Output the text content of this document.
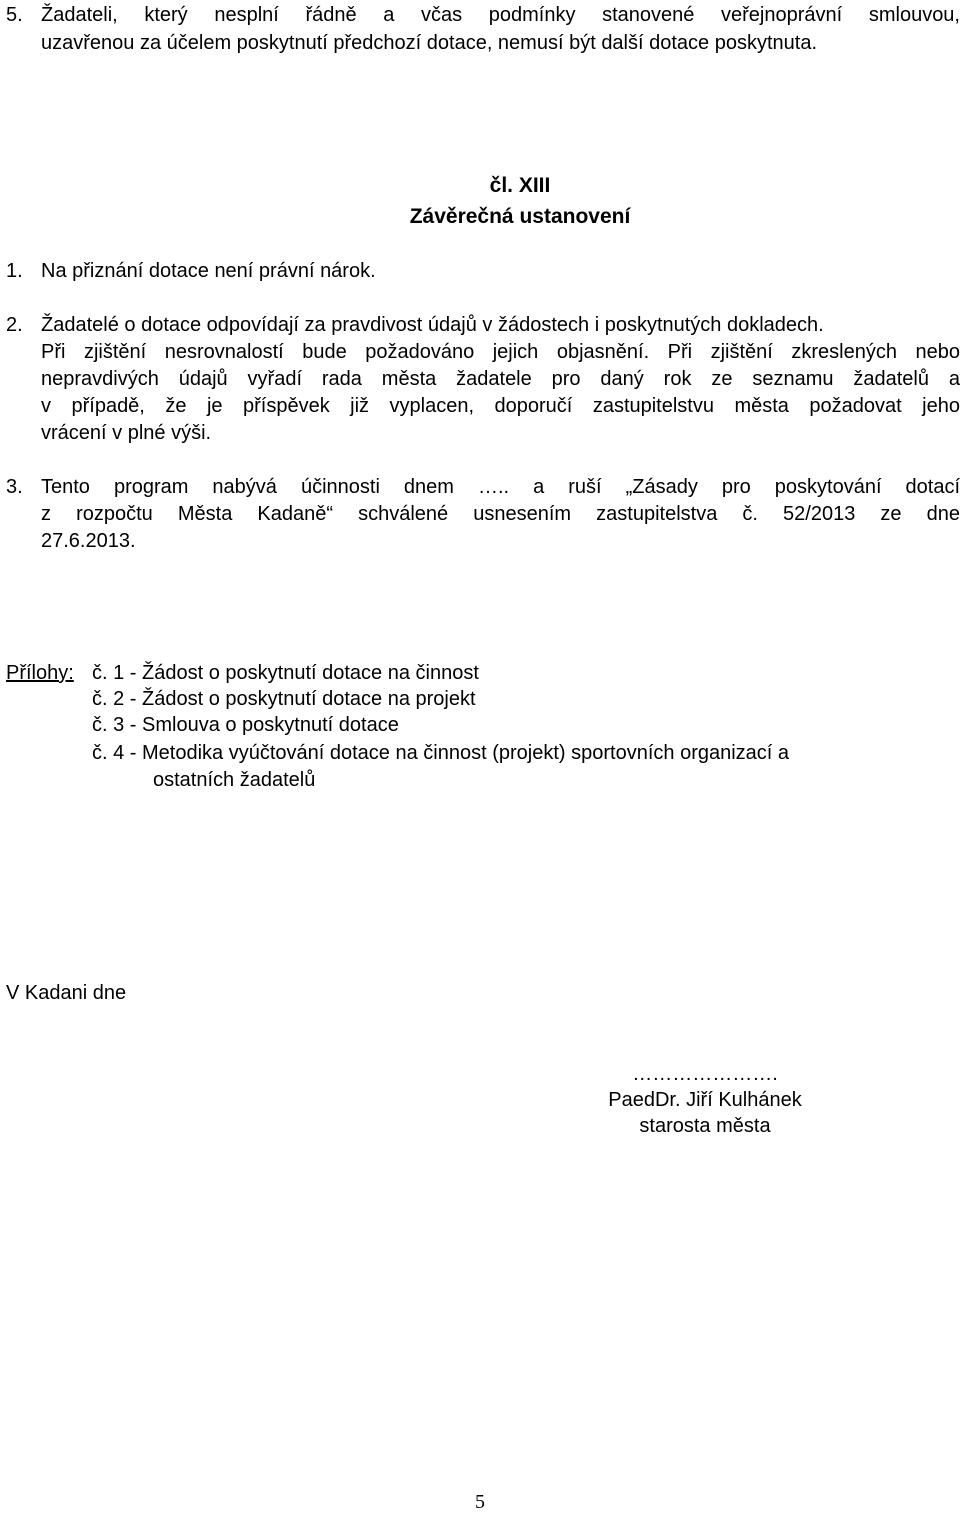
5. Žadateli, který nesplní řádně a včas podmínky stanovené veřejnoprávní smlouvou,
uzavřenou za účelem poskytnutí předchozí dotace, nemusí být další dotace poskytnuta.
čl. XIII
Závěrečná ustanovení
1. Na přiznání dotace není právní nárok.
2. Žadatelé o dotace odpovídají za pravdivost údajů v žádostech i poskytnutých dokladech.
Při zjištění nesrovnalostí bude požadováno jejich objasnění. Při zjištění zkreslených nebo
nepravdivých údajů vyřadí rada města žadatele pro daný rok ze seznamu žadatelů a
v případě, že je příspěvek již vyplacen, doporučí zastupitelstvu města požadovat jeho
vrácení v plné výši.
3. Tento program nabývá účinnosti dnem ….. a ruší „Zásady pro poskytování dotací
z rozpočtu Města Kadaně“ schválené usnesením zastupitelstva č. 52/2013 ze dne
27.6.2013.
Přílohy: č. 1 - Žádost o poskytnutí dotace na činnost
č. 2 - Žádost o poskytnutí dotace na projekt
č. 3 - Smlouva o poskytnutí dotace
č. 4 - Metodika vyúčtování dotace na činnost (projekt) sportovních organizací a
ostatních žadatelů
V Kadani dne
………………….
PaedDr. Jiří Kulhánek
starosta města
5
